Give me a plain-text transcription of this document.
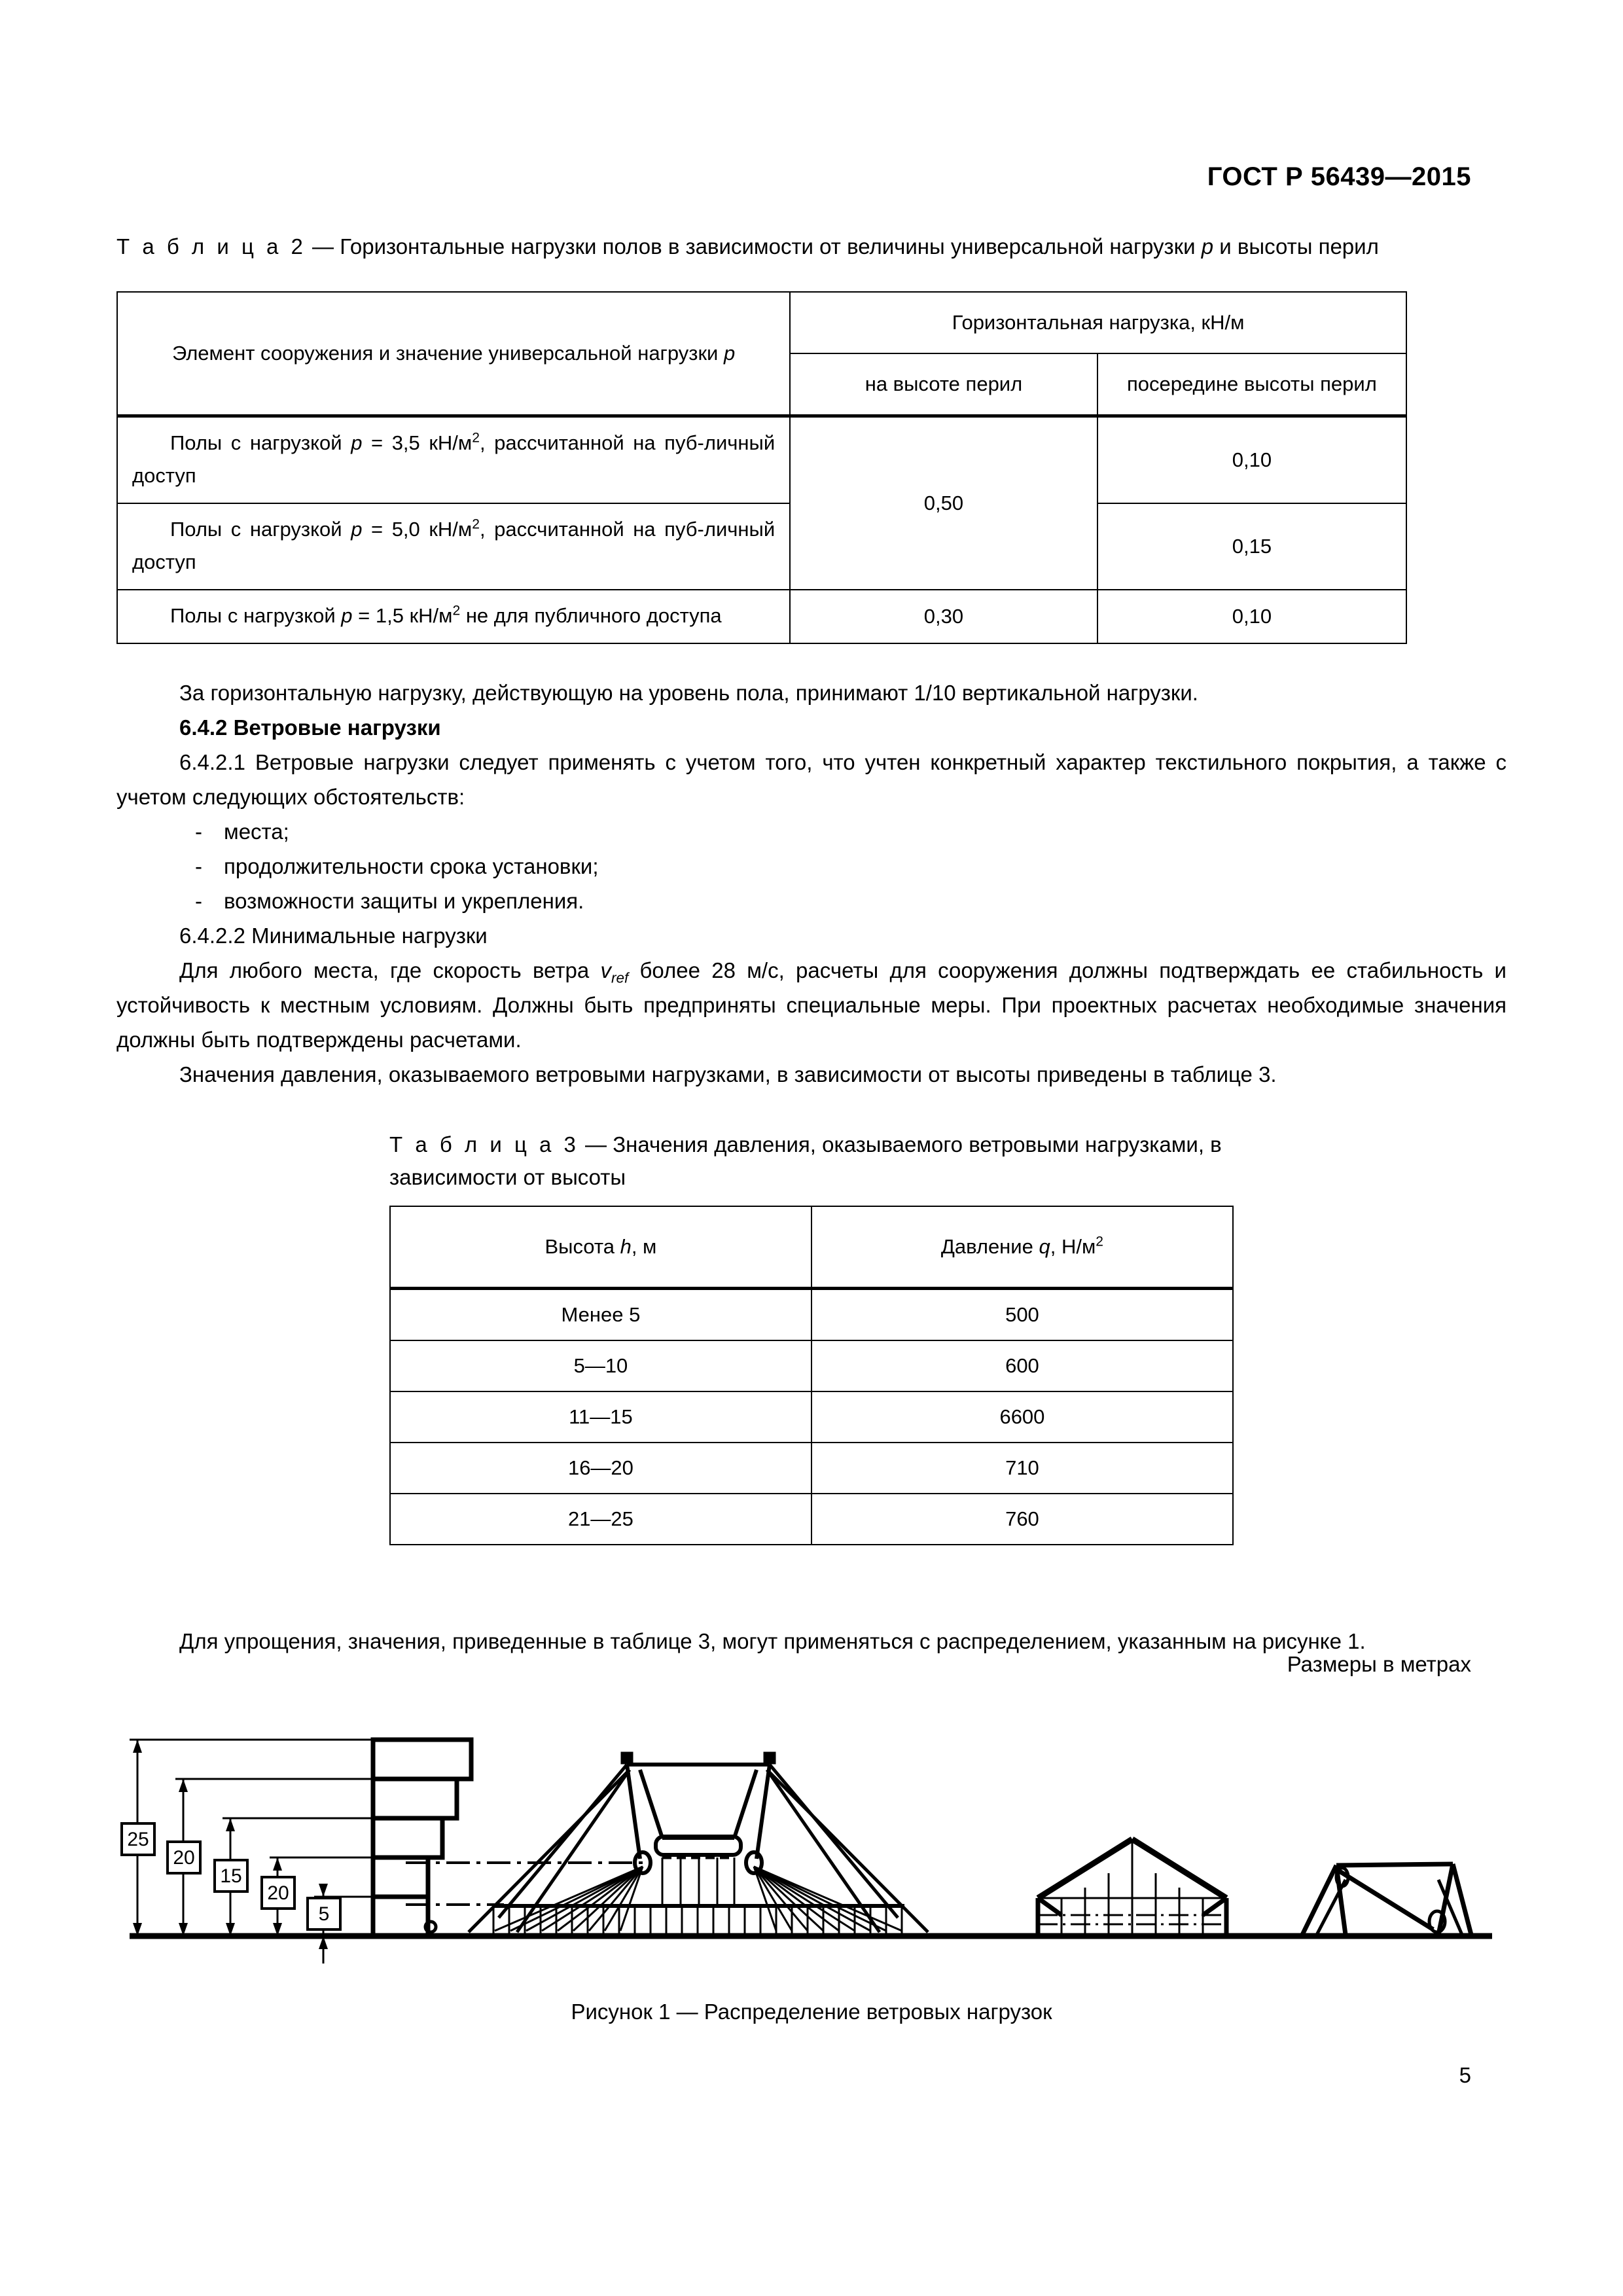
ГОСТ Р 56439—2015
Т а б л и ц а 2 — Горизонтальные нагрузки полов в зависимости от величины универсальной нагрузки p и высоты перил
Элемент сооружения и значение универсальной нагрузки p	Горизонтальная нагрузка, кН/м	
	на высоте перил	посередине высоты перил
Полы с нагрузкой p = 3,5 $кН/м^2$, рассчитанной на пуб-личный доступ	0,50	0,10
Полы с нагрузкой p = 5,0 $кН/м^2$, рассчитанной на пуб-личный доступ		0,15
Полы с нагрузкой p = 1,5 $кН/м^2$ не для публичного доступа	0,30	0,10

За горизонтальную нагрузку, действующую на уровень пола, принимают 1/10 вертикальной нагрузки.

6.4.2 Ветровые нагрузки

6.4.2.1 Ветровые нагрузки следует применять с учетом того, что учтен конкретный характер текстильного покрытия, а также с учетом следующих обстоятельств:

- места;

- продолжительности срока установки;

- возможности защиты и укрепления.

6.4.2.2 Минимальные нагрузки

Для любого места, где скорость ветра $v_{ref}$ более 28 м/с, расчеты для сооружения должны подтверждать ее стабильность и устойчивость к местным условиям. Должны быть предприняты специальные меры. При проектных расчетах необходимые значения должны быть подтверждены расчетами.

Значения давления, оказываемого ветровыми нагрузками, в зависимости от высоты приведены в таблице 3.

Т а б л и ц а 3 — Значения давления, оказываемого ветровыми нагрузками, в зависимости от высоты
Высота h, м	Давление q, $Н/м^2$
Менее 5	500
5—10	600
11—15	6600
16—20	710
21—25	760

Для упрощения, значения, приведенные в таблице 3, могут применяться с распределением, указанным на рисунке 1.

Размеры в метрах
25
20
15
20
5
Рисунок 1 — Распределение ветровых нагрузок
5
